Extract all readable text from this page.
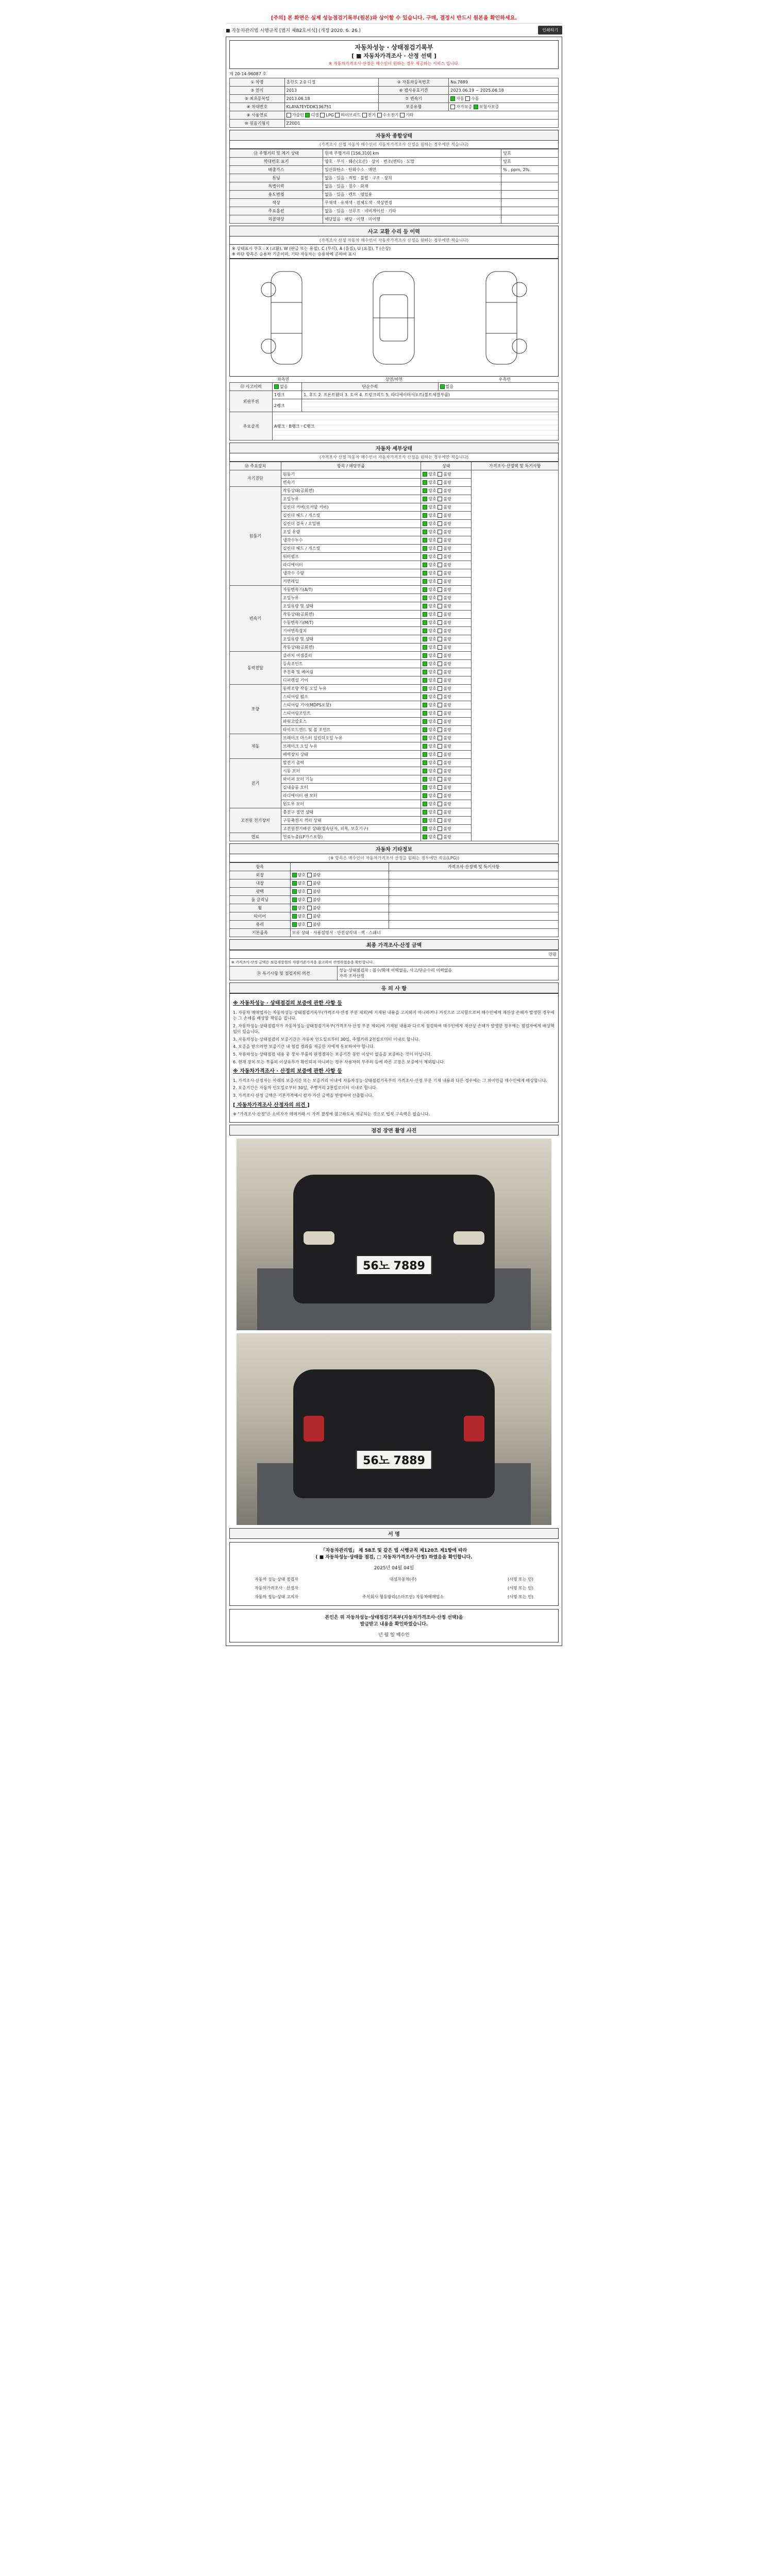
[주의] 본 화면은 실제 성능점검기록부(원본)와 상이할 수 있습니다. 구매, 결정시 반드시 원본을 확인하세요.
■ 자동차관리법 시행규칙 [별지 제82호서식] (개정 2020. 6. 26.)	인쇄하기
자동차성능 · 상태점검기록부
[ ■ 자동차가격조사 · 산정 선택 ]
※ 자동차가격조사·산정은 매수인이 원하는 경우 제공하는 서비스 입니다.
제 20-14-96087 호
① 차명	올란도 2.0 디젤	② 자동차등록번호	No.7889
③ 연식	2013	⑥ 검사유효기간	2023.06.19 ~ 2025.06.18
⑤ 최초등록일	2013.06.18	⑦ 변속기	자동 수동
④ 차대번호	KLAYA7EYDDK136751	보증유형	자가보증 보험사보증
⑧ 사용연료	가솔린 디젤 LPG 하이브리드 전기 수소전기 기타		
⑩ 원동기형식	Z20D1		
자동차 종합상태
(가격조사 산정 자동차 매수인이 자동차가격조사 산정을 원하는 경우에만 적습니다)
⑪ 주행거리 및 계기 상태	현재 주행거리 [156,310] km	양호
차대번호 표기	양호 · 부식 · 훼손(오손) · 상이 · 변조(변타) · 도말	양호
배출가스	일산화탄소 · 탄화수소 · 매연	% , ppm, 2%
튜닝	없음 · 있음 · 적법 · 불법 · 구조 · 장치	
특별이력	없음 · 있음 · 침수 · 화재	
용도변경	없음 · 있음 · 렌트 · 영업용	
색상	무채색 · 유채색 · 전체도색 · 색상변경	
주요옵션	없음 · 있음 · 선루프 · 네비게이션 · 기타	
리콜대상	해당없음 · 해당 · 이행 · 미이행	
사고 교환 수리 등 이력
(가격조사 산정 자동차 매수인이 자동차가격조사 산정을 원하는 경우에만 적습니다)
※ 상태표시 부호 : X (교환), W (판금 또는 용접), C (부식), A (흠집), U (요철), T (손상)
※ 하단 항목은 승용차 기준이며, 기타 자동차는 승용차에 준하여 표시
좌측면	상면/하면	우측면
⑫ 사고이력	없음	단순수리	없음
외판부위	1랭크	1. 후드 2. 프론트휀더 3. 도어 4. 트렁크리드 5. 라디에이터서포트(볼트체결부품)	
	2랭크		
주요골격	A랭크 · B랭크 · C랭크		
자동차 세부상태
(가격조사 산정 자동차 매수인이 자동차가격조사 산정을 원하는 경우에만 적습니다)
⑬ 주요장치	항목 / 해당부품	상태	가격조사·산정액 및 특기사항
자기진단	원동기	양호 불량	
	변속기	양호 불량	
원동기	작동상태(공회전)	양호 불량	
	오일누유	양호 불량	
	실린더 커버(로커암 커버)	양호 불량	
	실린더 헤드 / 개스킷	양호 불량	
	실린더 블록 / 오일팬	양호 불량	
	오일 유량	양호 불량	
	냉각수누수	양호 불량	
	실린더 헤드 / 개스킷	양호 불량	
	워터펌프	양호 불량	
	라디에이터	양호 불량	
	냉각수 수량	양호 불량	
	커먼레일	양호 불량	
변속기	자동변속기(A/T)	양호 불량	
	오일누유	양호 불량	
	오일유량 및 상태	양호 불량	
	작동상태(공회전)	양호 불량	
	수동변속기(M/T)	양호 불량	
	기어변속장치	양호 불량	
	오일유량 및 상태	양호 불량	
	작동상태(공회전)	양호 불량	
동력전달	클러치 어셈블리	양호 불량	
	등속조인트	양호 불량	
	추진축 및 베어링	양호 불량	
	디퍼렌셜 기어	양호 불량	
조향	동력조향 작동 오일 누유	양호 불량	
	스티어링 펌프	양호 불량	
	스티어링 기어(MDPS포함)	양호 불량	
	스티어링조인트	양호 불량	
	파워고압호스	양호 불량	
	타이로드엔드 및 볼 조인트	양호 불량	
제동	브레이크 마스터 실린더오일 누유	양호 불량	
	브레이크 오일 누유	양호 불량	
	배력장치 상태	양호 불량	
전기	발전기 출력	양호 불량	
	시동 모터	양호 불량	
	와이퍼 모터 기능	양호 불량	
	실내송풍 모터	양호 불량	
	라디에이터 팬 모터	양호 불량	
	윈도우 모터	양호 불량	
고전원 전기장치	충전구 절연 상태	양호 불량	
	구동축전지 격리 상태	양호 불량	
	고전원전기배선 상태(접속단자, 피복, 보호기구)	양호 불량	
연료	연료누출(LP가스포함)	양호 불량	
자동차 기타정보
(※ 항목은 매수인이 자동차가격조사 산정을 원하는 경우에만 적음(LPG))
항목		가격조사·산정액 및 특기사항
외장	양호 불량	
내장	양호 불량	
광택	양호 불량	
룸 클리닝	양호 불량	
휠	양호 불량	
타이어	양호 불량	
유리	양호 불량	
기본품목	보유 상태 · 사용설명서 · 안전삼각대 · 잭 · 스패너	
최종 가격조사·산정 금액
만원
※ 가격조사·산정 금액은 보험개발원의 차량기준가격을 참고하여 산정하였음을 확인합니다.
⑭ 특기사항 및 점검자의 의견	
성능·상태점검자 : 침수/화재 이력없음, 사고/단순수리 이력없음
가격·조사산정
유 의 사 항
※ 자동차성능 · 상태점검의 보증에 관한 사항 등

1. 자동차 매매업자는 자동차성능·상태점검기록부(가격조사·산정 부분 제외)에 기재된 내용을 고지하지 아니하거나 거짓으로 고지함으로써 매수인에게 재산상 손해가 발생한 경우에는 그 손해를 배상할 책임을 집니다.

2. 자동차성능·상태점검자가 자동차성능·상태점검기록부(가격조사·산정 부분 제외)에 기재된 내용과 다르게 점검하여 매수인에게 재산상 손해가 발생한 경우에는 점검자에게 배상책임이 있습니다.

3. 자동차성능·상태점검의 보증기간은 자동차 인도일로부터 30일, 주행거리 2천킬로미터 이내로 합니다.

4. 보증을 받으려면 보증기간 내 점검 결과를 제공한 자에게 통보하여야 합니다.

5. 자동차성능·상태점검 내용 중 장치·부품의 판정결과는 보증기간 동안 이상이 없음을 보증하는 것이 아닙니다.

6. 현재 장치 또는 부품의 이상유무가 확인되지 아니하는 경우 사용자의 부주의 등에 따른 고장은 보증에서 제외됩니다.

※ 자동차가격조사 · 산정의 보증에 관한 사항 등

1. 가격조사·산정자는 아래의 보증기간 또는 보증거리 이내에 자동차성능·상태점검기록부의 가격조사·산정 부분 기재 내용과 다른 경우에는 그 차이만큼 매수인에게 배상합니다.

2. 보증기간은 자동차 인도일로부터 30일, 주행거리 2천킬로미터 이내로 합니다.

3. 가격조사·산정 금액은 기본가격에서 감가·가산 금액을 반영하여 산출합니다.

[ 자동차가격조사 산정자의 의견 ]

※ "가격조사·산정"은 소비자가 매매거래 시 가격 결정에 참고하도록 제공되는 것으로 법적 구속력은 없습니다.

점검 장면 촬영 사진
56노 7889
56노 7889
서 명
「자동차관리법」 제 58조 및 같은 법 시행규칙 제120조 제1항에 따라
( ■ 자동차성능·상태를 점검, □ 자동차가격조사·산정) 하였음을 확인합니다.
2025년 04월 04일
자동차 성능·상태 점검자	대성자동차(주)	(서명 또는 인)
자동차가격조사 · 산정자	(서명 또는 인)
자동차 성능·상태 고지자	주식회사 형동방리(스마트인) 자동차매매업소	(서명 또는 인)
본인은 위 자동차성능·상태점검기록부(자동차가격조사·산정 선택)을
발급받고 내용을 확인하였습니다.
년 월 일 매수인
